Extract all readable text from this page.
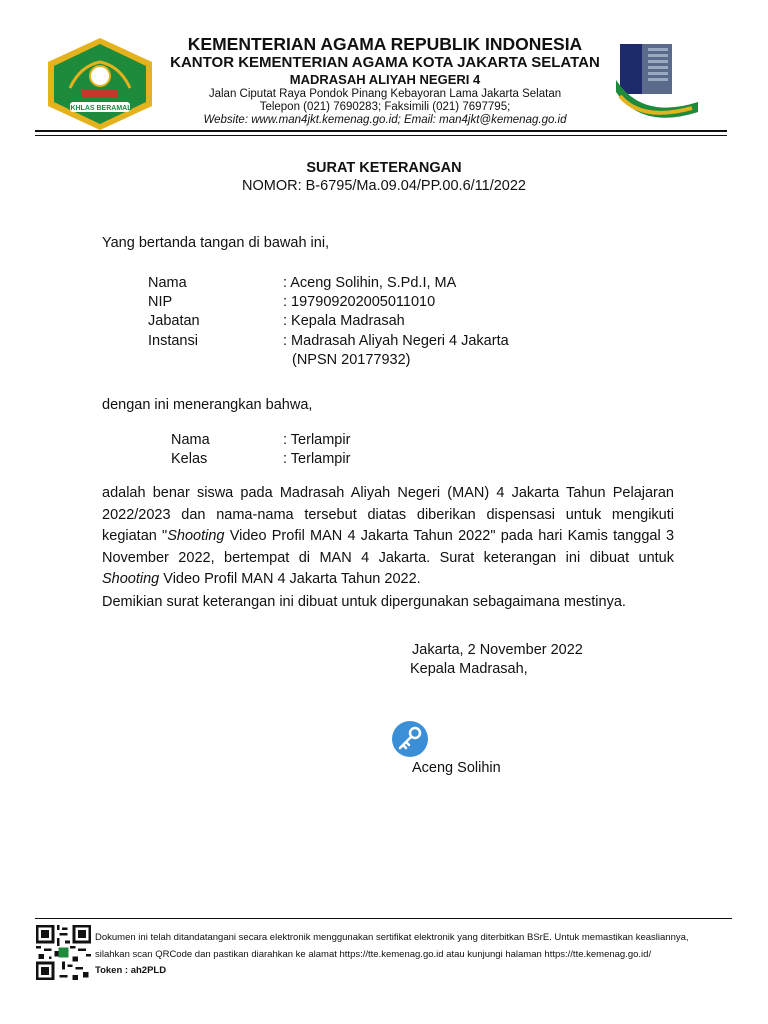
IKHLAS BERAMAL
KEMENTERIAN AGAMA REPUBLIK INDONESIA
KANTOR KEMENTERIAN AGAMA KOTA JAKARTA SELATAN
MADRASAH ALIYAH NEGERI 4
Jalan Ciputat Raya Pondok Pinang Kebayoran Lama Jakarta Selatan
Telepon (021) 7690283; Faksimili (021) 7697795;
Website: www.man4jkt.kemenag.go.id; Email: man4jkt@kemenag.go.id
SURAT KETERANGAN
NOMOR: B-6795/Ma.09.04/PP.00.6/11/2022
Yang bertanda tangan di bawah ini,
Nama	: Aceng Solihin, S.Pd.I, MA
NIP	: 197909202005011010
Jabatan	: Kepala Madrasah
Instansi	: Madrasah Aliyah Negeri 4 Jakarta
(NPSN 20177932)
dengan ini menerangkan bahwa,
Nama	: Terlampir
Kelas	: Terlampir
adalah benar siswa pada Madrasah Aliyah Negeri (MAN) 4 Jakarta Tahun Pelajaran 2022/2023 dan nama-nama tersebut diatas diberikan dispensasi untuk mengikuti kegiatan "Shooting Video Profil MAN 4 Jakarta Tahun 2022" pada hari Kamis tanggal 3 November 2022, bertempat di MAN 4 Jakarta. Surat keterangan ini dibuat untuk Shooting Video Profil MAN 4 Jakarta Tahun 2022.
Demikian surat keterangan ini dibuat untuk dipergunakan sebagaimana mestinya.
Jakarta, 2 November 2022
Kepala Madrasah,
Aceng Solihin
Dokumen ini telah ditandatangani secara elektronik menggunakan sertifikat elektronik yang diterbitkan BSrE. Untuk memastikan keasliannya,
silahkan scan QRCode dan pastikan diarahkan ke alamat https://tte.kemenag.go.id atau kunjungi halaman https://tte.kemenag.go.id/
Token : ah2PLD
